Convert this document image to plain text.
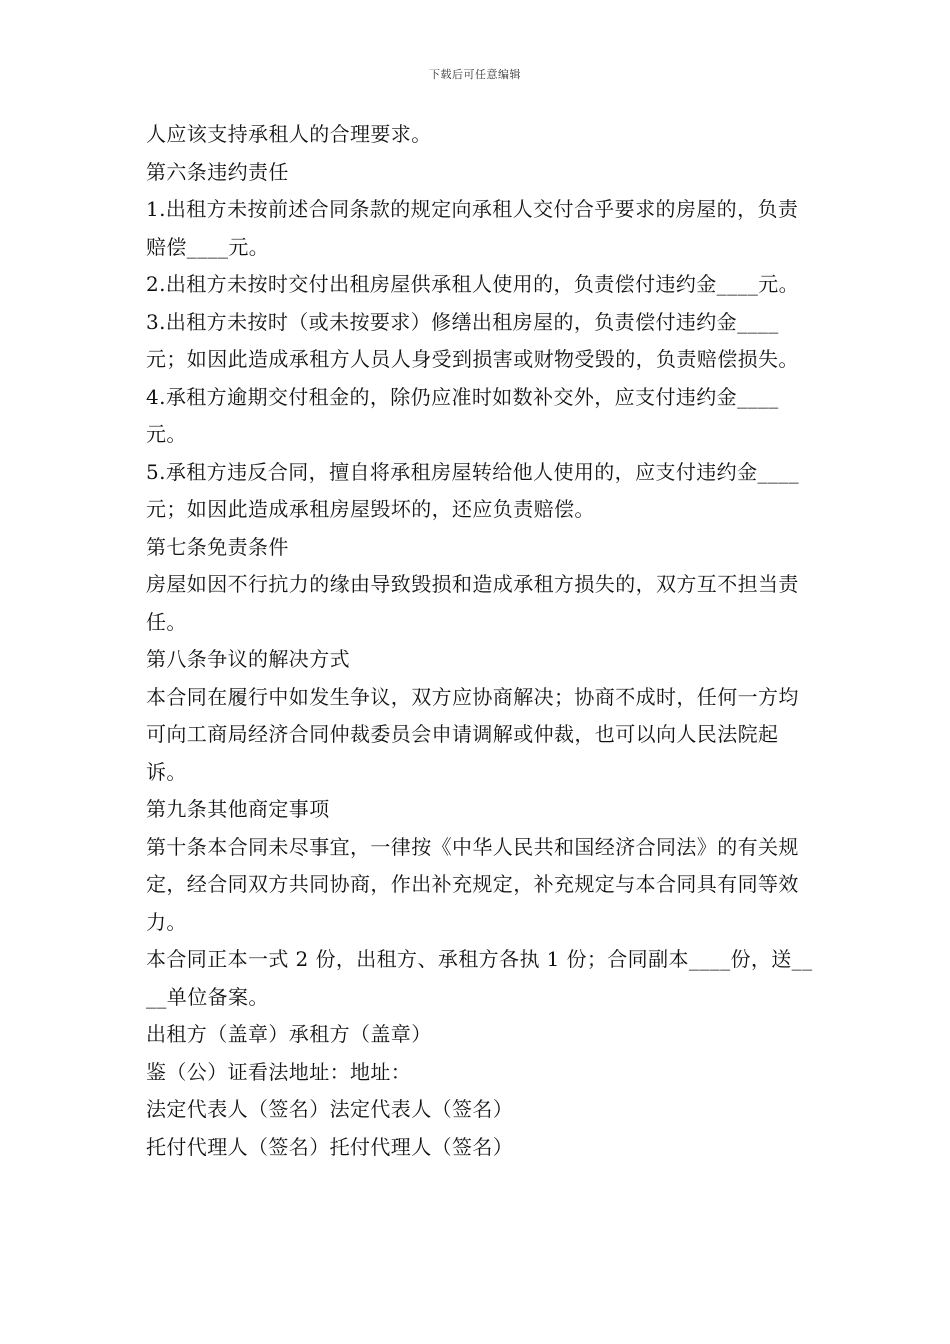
下载后可任意编辑

人应该支持承租人的合理要求。

第六条违约责任

1.出租方未按前述合同条款的规定向承租人交付合乎要求的房屋的，负责赔偿____元。

2.出租方未按时交付出租房屋供承租人使用的，负责偿付违约金____元。

3.出租方未按时（或未按要求）修缮出租房屋的，负责偿付违约金____元；如因此造成承租方人员人身受到损害或财物受毁的，负责赔偿损失。

4.承租方逾期交付租金的，除仍应准时如数补交外，应支付违约金____元。

5.承租方违反合同，擅自将承租房屋转给他人使用的，应支付违约金____元；如因此造成承租房屋毁坏的，还应负责赔偿。

第七条免责条件

房屋如因不行抗力的缘由导致毁损和造成承租方损失的，双方互不担当责任。

第八条争议的解决方式

本合同在履行中如发生争议，双方应协商解决；协商不成时，任何一方均可向工商局经济合同仲裁委员会申请调解或仲裁，也可以向人民法院起诉。

第九条其他商定事项

第十条本合同未尽事宜，一律按《中华人民共和国经济合同法》的有关规定，经合同双方共同协商，作出补充规定，补充规定与本合同具有同等效力。

本合同正本一式 2 份，出租方、承租方各执 1 份；合同副本____份，送____单位备案。

出租方（盖章）承租方（盖章）

鉴（公）证看法地址：地址：

法定代表人（签名）法定代表人（签名）

托付代理人（签名）托付代理人（签名）
